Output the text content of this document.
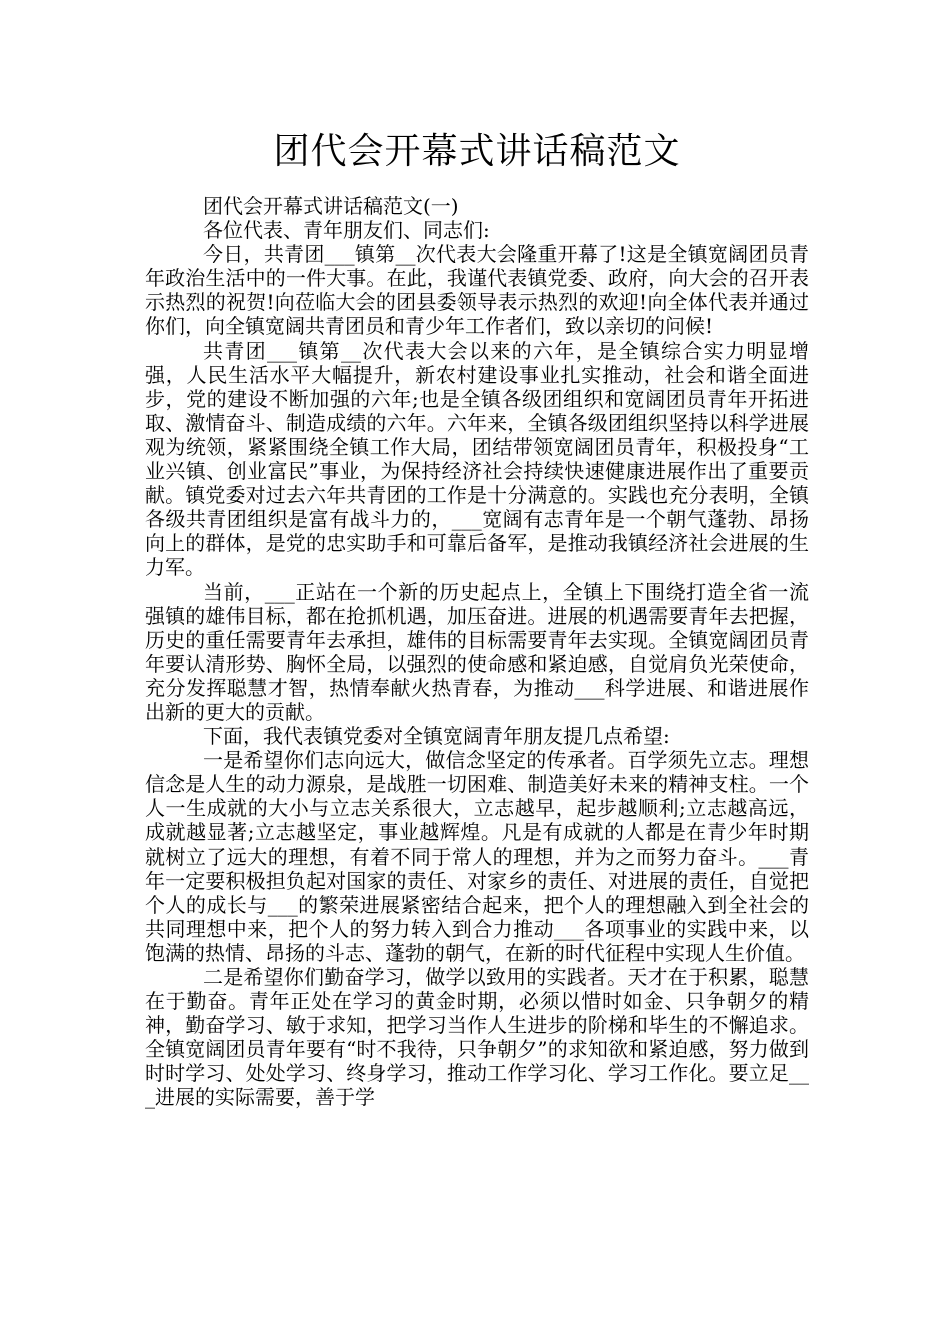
团代会开幕式讲话稿范文

团代会开幕式讲话稿范文(一)

各位代表、青年朋友们、同志们:

今日，共青团___镇第__次代表大会隆重开幕了!这是全镇宽阔团员青年政治生活中的一件大事。在此，我谨代表镇党委、政府，向大会的召开表示热烈的祝贺!向莅临大会的团县委领导表示热烈的欢迎!向全体代表并通过你们，向全镇宽阔共青团员和青少年工作者们，致以亲切的问候!

共青团___镇第__次代表大会以来的六年，是全镇综合实力明显增强，人民生活水平大幅提升，新农村建设事业扎实推动，社会和谐全面进步，党的建设不断加强的六年;也是全镇各级团组织和宽阔团员青年开拓进取、激情奋斗、制造成绩的六年。六年来，全镇各级团组织坚持以科学进展观为统领，紧紧围绕全镇工作大局，团结带领宽阔团员青年，积极投身“工业兴镇、创业富民”事业，为保持经济社会持续快速健康进展作出了重要贡献。镇党委对过去六年共青团的工作是十分满意的。实践也充分表明，全镇各级共青团组织是富有战斗力的，___宽阔有志青年是一个朝气蓬勃、昂扬向上的群体，是党的忠实助手和可靠后备军，是推动我镇经济社会进展的生力军。

当前，___正站在一个新的历史起点上，全镇上下围绕打造全省一流强镇的雄伟目标，都在抢抓机遇，加压奋进。进展的机遇需要青年去把握，历史的重任需要青年去承担，雄伟的目标需要青年去实现。全镇宽阔团员青年要认清形势、胸怀全局，以强烈的使命感和紧迫感，自觉肩负光荣使命，充分发挥聪慧才智，热情奉献火热青春，为推动___科学进展、和谐进展作出新的更大的贡献。

下面，我代表镇党委对全镇宽阔青年朋友提几点希望:

一是希望你们志向远大，做信念坚定的传承者。百学须先立志。理想信念是人生的动力源泉，是战胜一切困难、制造美好未来的精神支柱。一个人一生成就的大小与立志关系很大，立志越早，起步越顺利;立志越高远，成就越显著;立志越坚定，事业越辉煌。凡是有成就的人都是在青少年时期就树立了远大的理想，有着不同于常人的理想，并为之而努力奋斗。___青年一定要积极担负起对国家的责任、对家乡的责任、对进展的责任，自觉把个人的成长与___的繁荣进展紧密结合起来，把个人的理想融入到全社会的共同理想中来，把个人的努力转入到合力推动___各项事业的实践中来，以饱满的热情、昂扬的斗志、蓬勃的朝气，在新的时代征程中实现人生价值。

二是希望你们勤奋学习，做学以致用的实践者。天才在于积累，聪慧在于勤奋。青年正处在学习的黄金时期，必须以惜时如金、只争朝夕的精神，勤奋学习、敏于求知，把学习当作人生进步的阶梯和毕生的不懈追求。全镇宽阔团员青年要有“时不我待，只争朝夕”的求知欲和紧迫感，努力做到时时学习、处处学习、终身学习，推动工作学习化、学习工作化。要立足___进展的实际需要，善于学
